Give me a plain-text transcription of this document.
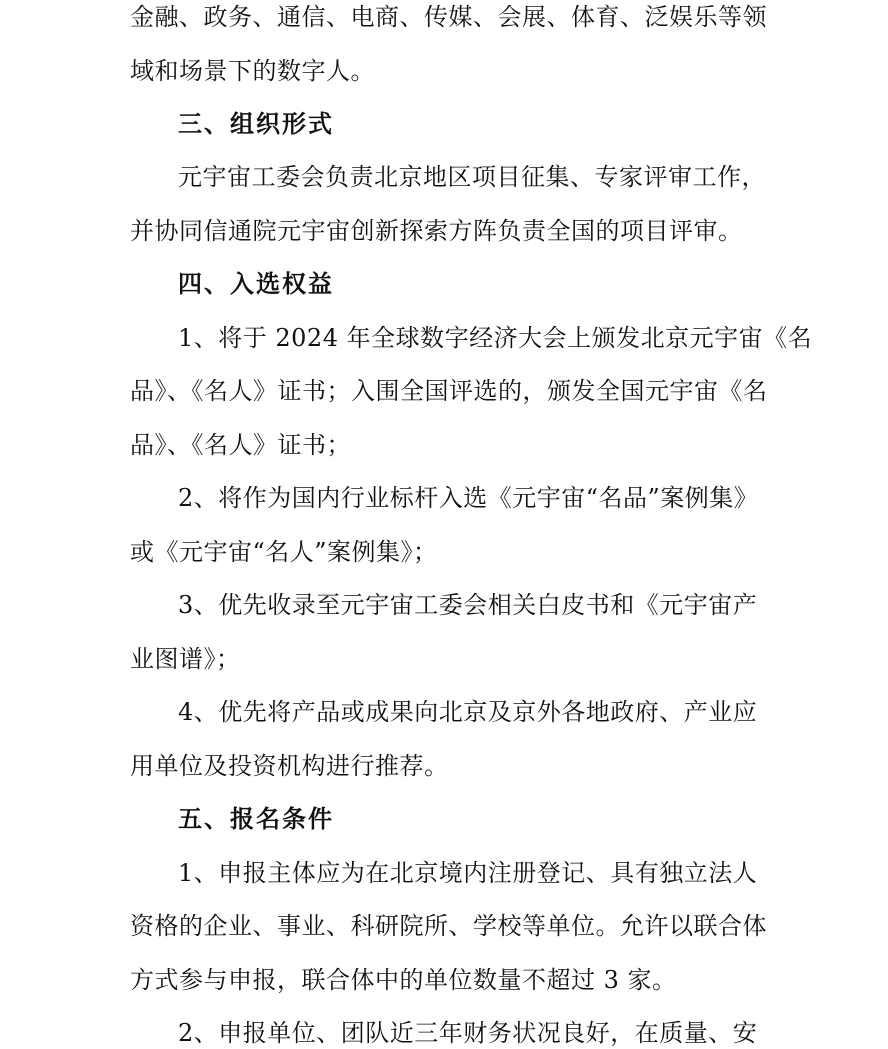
金融、政务、通信、电商、传媒、会展、体育、泛娱乐等领
域和场景下的数字人。
三、组织形式
元宇宙工委会负责北京地区项目征集、专家评审工作，
并协同信通院元宇宙创新探索方阵负责全国的项目评审。
四、入选权益
1、将于 2024 年全球数字经济大会上颁发北京元宇宙《名
品》、《名人》证书；入围全国评选的，颁发全国元宇宙《名
品》、《名人》证书；
2、将作为国内行业标杆入选《元宇宙“名品”案例集》
或《元宇宙“名人”案例集》；
3、优先收录至元宇宙工委会相关白皮书和《元宇宙产
业图谱》；
4、优先将产品或成果向北京及京外各地政府、产业应
用单位及投资机构进行推荐。
五、报名条件
1、申报主体应为在北京境内注册登记、具有独立法人
资格的企业、事业、科研院所、学校等单位。允许以联合体
方式参与申报，联合体中的单位数量不超过 3 家。
2、申报单位、团队近三年财务状况良好，在质量、安
